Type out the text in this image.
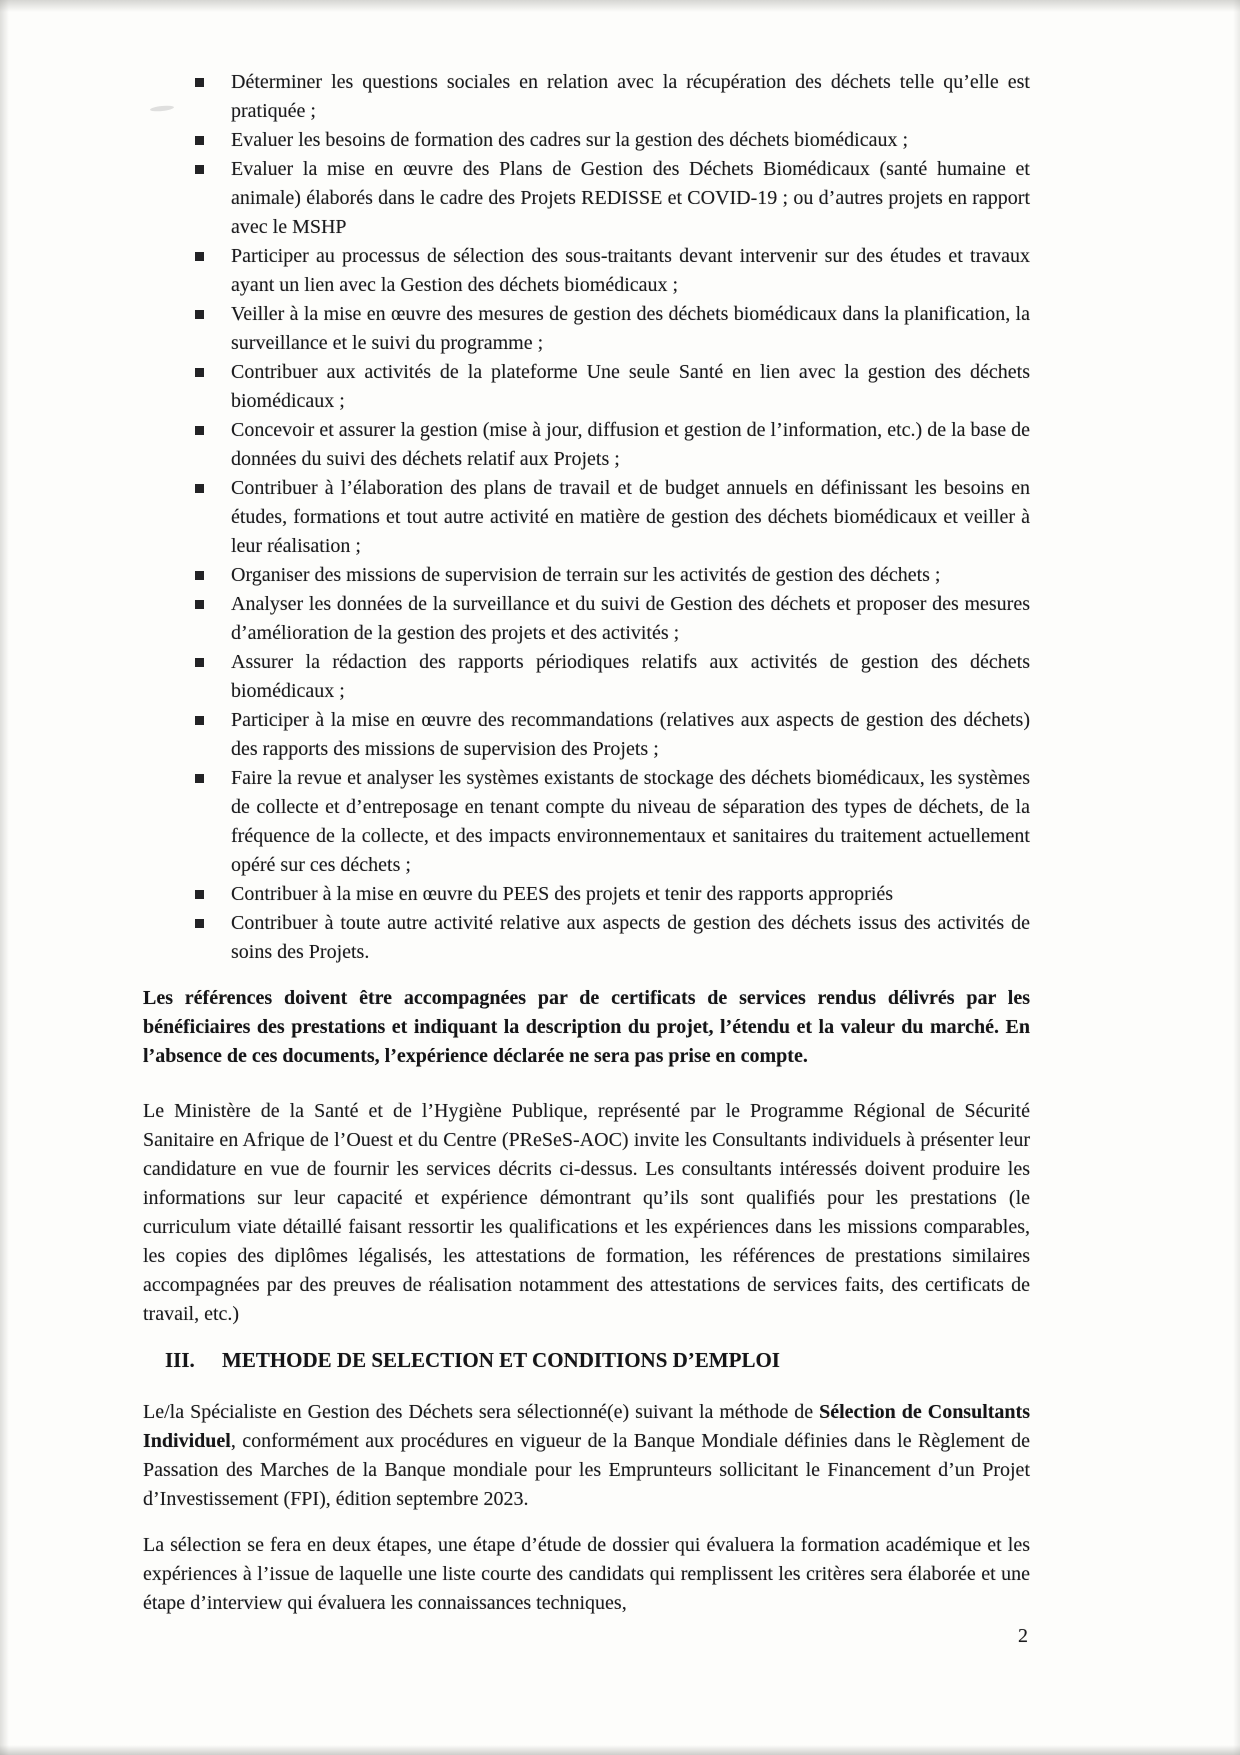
Déterminer les questions sociales en relation avec la récupération des déchets telle qu’elle est pratiquée ;
Evaluer les besoins de formation des cadres sur la gestion des déchets biomédicaux ;
Evaluer la mise en œuvre des Plans de Gestion des Déchets Biomédicaux (santé humaine et animale) élaborés dans le cadre des Projets REDISSE et COVID-19 ; ou d’autres projets en rapport avec le MSHP
Participer au processus de sélection des sous-traitants devant intervenir sur des études et travaux ayant un lien avec la Gestion des déchets biomédicaux ;
Veiller à la mise en œuvre des mesures de gestion des déchets biomédicaux dans la planification, la surveillance et le suivi du programme ;
Contribuer aux activités de la plateforme Une seule Santé en lien avec la gestion des déchets biomédicaux ;
Concevoir et assurer la gestion (mise à jour, diffusion et gestion de l’information, etc.) de la base de données du suivi des déchets relatif aux Projets ;
Contribuer à l’élaboration des plans de travail et de budget annuels en définissant les besoins en études, formations et tout autre activité en matière de gestion des déchets biomédicaux et veiller à leur réalisation ;
Organiser des missions de supervision de terrain sur les activités de gestion des déchets ;
Analyser les données de la surveillance et du suivi de Gestion des déchets et proposer des mesures d’amélioration de la gestion des projets et des activités ;
Assurer la rédaction des rapports périodiques relatifs aux activités de gestion des déchets biomédicaux ;
Participer à la mise en œuvre des recommandations (relatives aux aspects de gestion des déchets) des rapports des missions de supervision des Projets ;
Faire la revue et analyser les systèmes existants de stockage des déchets biomédicaux, les systèmes de collecte et d’entreposage en tenant compte du niveau de séparation des types de déchets, de la fréquence de la collecte, et des impacts environnementaux et sanitaires du traitement actuellement opéré sur ces déchets ;
Contribuer à la mise en œuvre du PEES des projets et tenir des rapports appropriés
Contribuer à toute autre activité relative aux aspects de gestion des déchets issus des activités de soins des Projets.

Les références doivent être accompagnées par de certificats de services rendus délivrés par les bénéficiaires des prestations et indiquant la description du projet, l’étendu et la valeur du marché. En l’absence de ces documents, l’expérience déclarée ne sera pas prise en compte.

Le Ministère de la Santé et de l’Hygiène Publique, représenté par le Programme Régional de Sécurité Sanitaire en Afrique de l’Ouest et du Centre (PReSeS-AOC) invite les Consultants individuels à présenter leur candidature en vue de fournir les services décrits ci-dessus. Les consultants intéressés doivent produire les informations sur leur capacité et expérience démontrant qu’ils sont qualifiés pour les prestations (le curriculum viate détaillé faisant ressortir les qualifications et les expériences dans les missions comparables, les copies des diplômes légalisés, les attestations de formation, les références de prestations similaires accompagnées par des preuves de réalisation notamment des attestations de services faits, des certificats de travail, etc.)

III. METHODE DE SELECTION ET CONDITIONS D’EMPLOI

Le/la Spécialiste en Gestion des Déchets sera sélectionné(e) suivant la méthode de Sélection de Consultants Individuel, conformément aux procédures en vigueur de la Banque Mondiale définies dans le Règlement de Passation des Marches de la Banque mondiale pour les Emprunteurs sollicitant le Financement d’un Projet d’Investissement (FPI), édition septembre 2023.

La sélection se fera en deux étapes, une étape d’étude de dossier qui évaluera la formation académique et les expériences à l’issue de laquelle une liste courte des candidats qui remplissent les critères sera élaborée et une étape d’interview qui évaluera les connaissances techniques,

2
